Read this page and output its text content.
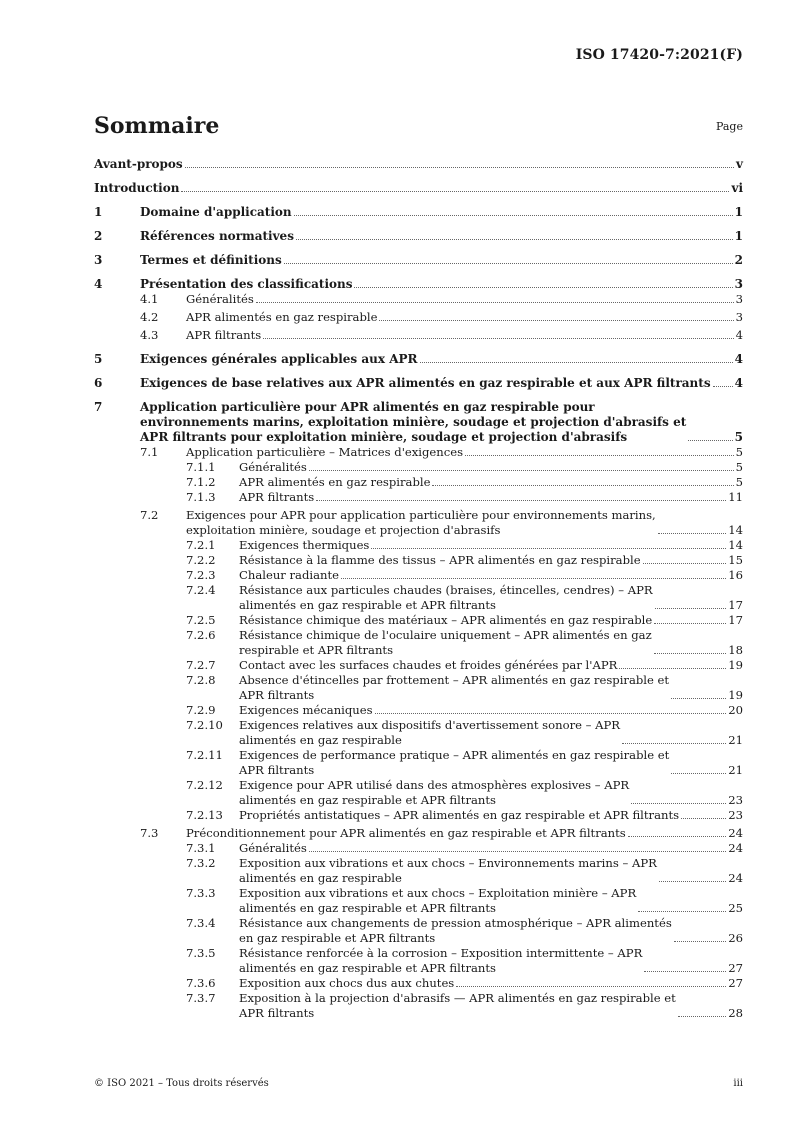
ISO 17420-7:2021(F)
Sommaire	Page
Avant-propos	v
Introduction	vi
1	Domaine d'application	1
2	Références normatives	1
3	Termes et définitions	2
4	Présentation des classifications	3
4.1 Généralités	3
4.2 APR alimentés en gaz respirable	3
4.3 APR filtrants	4
5	Exigences générales applicables aux APR	4
6	Exigences de base relatives aux APR alimentés en gaz respirable et aux APR filtrants 4
7	Application particulière pour APR alimentés en gaz respirable pour
environnements marins, exploitation minière, soudage et projection d'abrasifs et
APR filtrants pour exploitation minière, soudage et projection d'abrasifs	5
7.1 Application particulière – Matrices d'exigences	5
7.1.1 Généralités	5
7.1.2 APR alimentés en gaz respirable	5
7.1.3 APR filtrants	11
7.2 Exigences pour APR pour application particulière pour environnements marins,
exploitation minière, soudage et projection d'abrasifs	14
7.2.1 Exigences thermiques	14
7.2.2 Résistance à la flamme des tissus – APR alimentés en gaz respirable	15
7.2.3 Chaleur radiante	16
7.2.4 Résistance aux particules chaudes (braises, étincelles, cendres) – APR
alimentés en gaz respirable et APR filtrants	17
7.2.5 Résistance chimique des matériaux – APR alimentés en gaz respirable	17
7.2.6 Résistance chimique de l'oculaire uniquement – APR alimentés en gaz
respirable et APR filtrants	18
7.2.7 Contact avec les surfaces chaudes et froides générées par l'APR	19
7.2.8 Absence d'étincelles par frottement – APR alimentés en gaz respirable et
APR filtrants	19
7.2.9 Exigences mécaniques	20
7.2.10 Exigences relatives aux dispositifs d'avertissement sonore – APR
alimentés en gaz respirable	21
7.2.11 Exigences de performance pratique – APR alimentés en gaz respirable et
APR filtrants	21
7.2.12 Exigence pour APR utilisé dans des atmosphères explosives – APR
alimentés en gaz respirable et APR filtrants	23
7.2.13 Propriétés antistatiques – APR alimentés en gaz respirable et APR filtrants	23
7.3 Préconditionnement pour APR alimentés en gaz respirable et APR filtrants	24
7.3.1 Généralités	24
7.3.2 Exposition aux vibrations et aux chocs – Environnements marins – APR
alimentés en gaz respirable	24
7.3.3 Exposition aux vibrations et aux chocs – Exploitation minière – APR
alimentés en gaz respirable et APR filtrants	25
7.3.4 Résistance aux changements de pression atmosphérique – APR alimentés
en gaz respirable et APR filtrants	26
7.3.5 Résistance renforcée à la corrosion – Exposition intermittente – APR
alimentés en gaz respirable et APR filtrants	27
7.3.6 Exposition aux chocs dus aux chutes	27
7.3.7 Exposition à la projection d'abrasifs — APR alimentés en gaz respirable et
APR filtrants	28
© ISO 2021 – Tous droits réservés	iii
